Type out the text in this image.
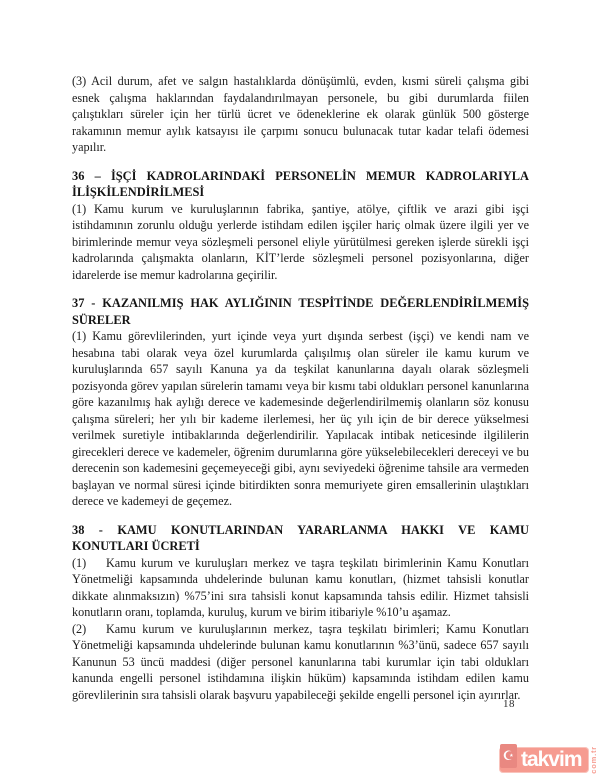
(3) Acil durum, afet ve salgın hastalıklarda dönüşümlü, evden, kısmi süreli çalışma gibi esnek çalışma haklarından faydalandırılmayan personele, bu gibi durumlarda fiilen çalıştıkları süreler için her türlü ücret ve ödeneklerine ek olarak günlük 500 gösterge rakamının memur aylık katsayısı ile çarpımı sonucu bulunacak tutar kadar telafi ödemesi yapılır.

36 – İŞÇİ KADROLARINDAKİ PERSONELİN MEMUR KADROLARIYLA İLİŞKİLENDİRİLMESİ

(1) Kamu kurum ve kuruluşlarının fabrika, şantiye, atölye, çiftlik ve arazi gibi işçi istihdamının zorunlu olduğu yerlerde istihdam edilen işçiler hariç olmak üzere ilgili yer ve birimlerinde memur veya sözleşmeli personel eliyle yürütülmesi gereken işlerde sürekli işçi kadrolarında çalışmakta olanların, KİT’lerde sözleşmeli personel pozisyonlarına, diğer idarelerde ise memur kadrolarına geçirilir.

37 - KAZANILMIŞ HAK AYLIĞININ TESPİTİNDE DEĞERLENDİRİLMEMİŞ SÜRELER

(1) Kamu görevlilerinden, yurt içinde veya yurt dışında serbest (işçi) ve kendi nam ve hesabına tabi olarak veya özel kurumlarda çalışılmış olan süreler ile kamu kurum ve kuruluşlarında 657 sayılı Kanuna ya da teşkilat kanunlarına dayalı olarak sözleşmeli pozisyonda görev yapılan sürelerin tamamı veya bir kısmı tabi oldukları personel kanunlarına göre kazanılmış hak aylığı derece ve kademesinde değerlendirilmemiş olanların söz konusu çalışma süreleri; her yılı bir kademe ilerlemesi, her üç yılı için de bir derece yükselmesi verilmek suretiyle intibaklarında değerlendirilir. Yapılacak intibak neticesinde ilgililerin girecekleri derece ve kademeler, öğrenim durumlarına göre yükselebilecekleri dereceyi ve bu derecenin son kademesini geçemeyeceği gibi, aynı seviyedeki öğrenime tahsile ara vermeden başlayan ve normal süresi içinde bitirdikten sonra memuriyete giren emsallerinin ulaştıkları derece ve kademeyi de geçemez.

38 - KAMU KONUTLARINDAN YARARLANMA HAKKI VE KAMU KONUTLARI ÜCRETİ

(1) Kamu kurum ve kuruluşları merkez ve taşra teşkilatı birimlerinin Kamu Konutları Yönetmeliği kapsamında uhdelerinde bulunan kamu konutları, (hizmet tahsisli konutlar dikkate alınmaksızın) %75’ini sıra tahsisli konut kapsamında tahsis edilir. Hizmet tahsisli konutların oranı, toplamda, kuruluş, kurum ve birim itibariyle %10’u aşamaz.

(2) Kamu kurum ve kuruluşlarının merkez, taşra teşkilatı birimleri; Kamu Konutları Yönetmeliği kapsamında uhdelerinde bulunan kamu konutlarının %3’ünü, sadece 657 sayılı Kanunun 53 üncü maddesi (diğer personel kanunlarına tabi kurumlar için tabi oldukları kanunda engelli personel istihdamına ilişkin hüküm) kapsamında istihdam edilen kamu görevlilerinin sıra tahsisli olarak başvuru yapabileceği şekilde engelli personel için ayırırlar.

18
☪ takvim com.tr
